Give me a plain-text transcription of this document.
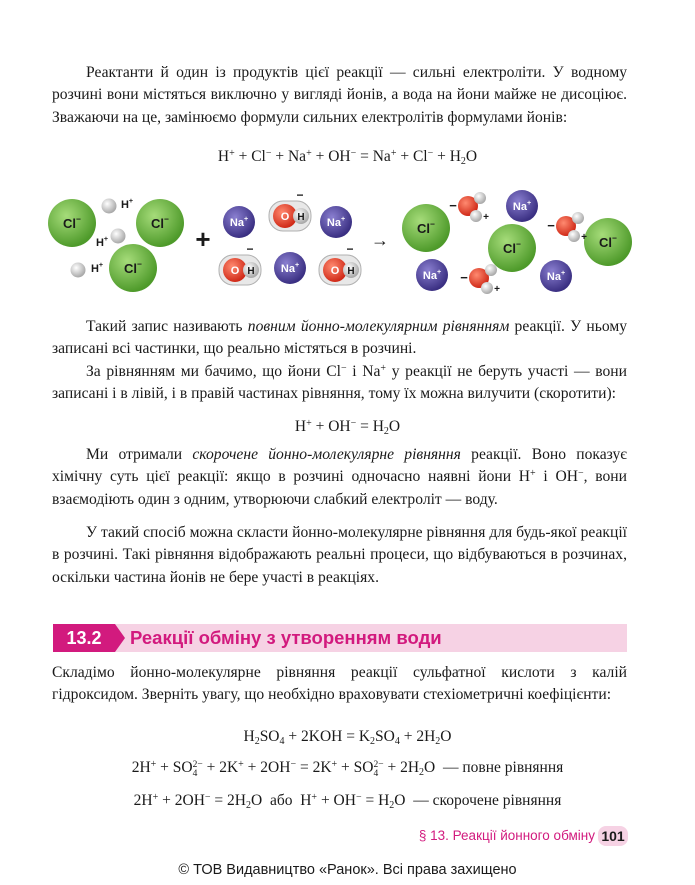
Реактанти й один із продуктів цієї реакції — сильні електроліти. У водному розчині вони містяться виключно у вигляді йонів, а вода на йони майже не дисоціює. Зважаючи на це, замінюємо формули сильних електролітів формулами йонів:

$H^+ + Cl^- + Na^+ + OH^- = Na^+ + Cl^- + H_2O$
Cl−	Cl−
Cl−
H+
H+
H+
+
Na+	O H
−
Na+
O H
−
Na+	O H
− →
Cl−
Cl−	Cl−
Na+
Na+	Na+
−
+
−
+
−
+

Такий запис називають повним йонно-молекулярним рівнянням реакції. У ньому записані всі частинки, що реально містяться в розчині.

За рівнянням ми бачимо, що йони Cl− і Na+ у реакції не беруть участі — вони записані і в лівій, і в правій частинах рівняння, тому їх можна вилучити (скоротити):

$H^+ + OH^- = H_2O$

Ми отримали скорочене йонно-молекулярне рівняння реакції. Воно показує хімічну суть цієї реакції: якщо в розчині одночасно наявні йони H+ і OH−, вони взаємодіють один з одним, утворюючи слабкий електроліт — воду.

У такий спосіб можна скласти йонно-молекулярне рівняння для будь-якої реакції в розчині. Такі рівняння відображають реальні процеси, що відбуваються в розчинах, оскільки частина йонів не бере участі в реакціях.

13.2	Реакції обміну з утворенням води

Складімо йонно-молекулярне рівняння реакції сульфатної кислоти з калій гідроксидом. Зверніть увагу, що необхідно враховувати стехіометричні коефіцієнти:

$H_2SO_4 + 2KOH = K_2SO_4 + 2H_2O$
2H+ + SO 2−
4 + 2K+ + 2OH− = 2K+ + SO 2−
$4 + 2H_2O$  — повне рівняння
$2H^+ + 2OH^- = 2H_2O$  або  $H^+ + OH^- = H_2O$  — скорочене рівняння
§ 13. Реакції йонного обміну 101
© ТОВ Видавництво «Ранок». Всі права захищено
